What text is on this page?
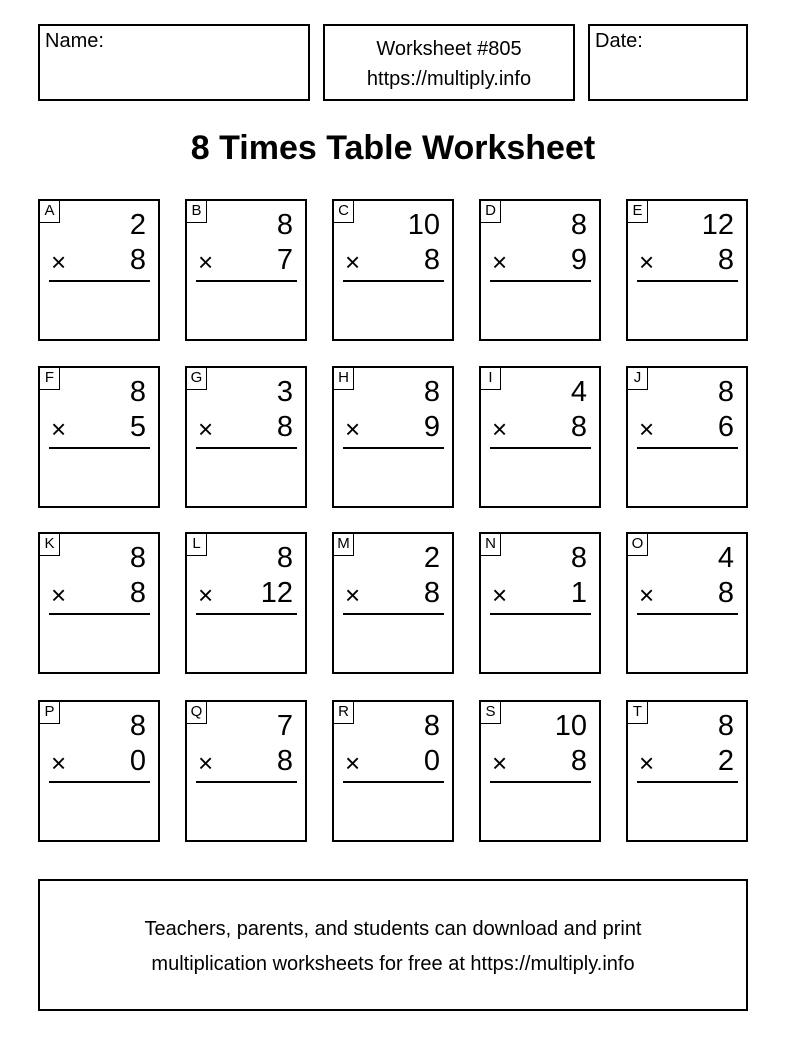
Name:	Worksheet #805
https://multiply.info
Date:
8 Times Table Worksheet
A	2
× 8
B	8
× 7
C 10
× 8
D	8
× 9
E 12
× 8
F	8
× 5
G	3
× 8
H	8
× 9
I	4
× 8
J	8
× 6
K	8
× 8
L	8
× 12
M	2
× 8
N	8
× 1
O	4
× 8
P	8
× 0
Q	7
× 8
R	8
× 0
S 10
× 8
T	8
× 2
Teachers, parents, and students can download and print
multiplication worksheets for free at https://multiply.info
